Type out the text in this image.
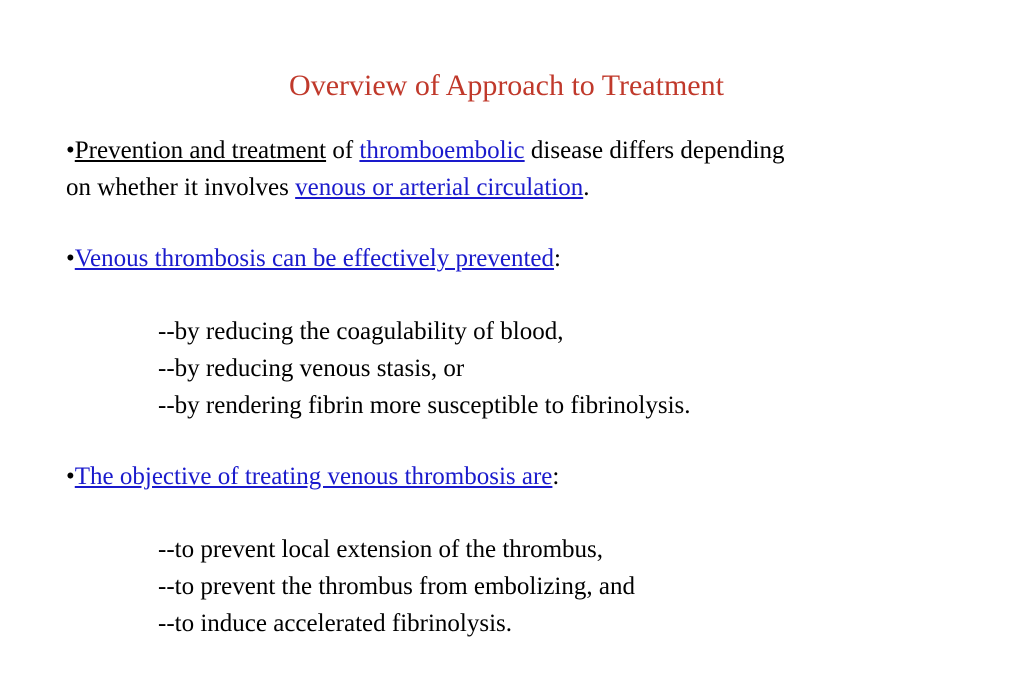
Overview of Approach to Treatment
•Prevention and treatment of thromboembolic disease differs depending
on whether it involves venous or arterial circulation.
•Venous thrombosis can be effectively prevented:
--by reducing the coagulability of blood,
--by reducing venous stasis, or
--by rendering fibrin more susceptible to fibrinolysis.
•The objective of treating venous thrombosis are:
--to prevent local extension of the thrombus,
--to prevent the thrombus from embolizing, and
--to induce accelerated fibrinolysis.
